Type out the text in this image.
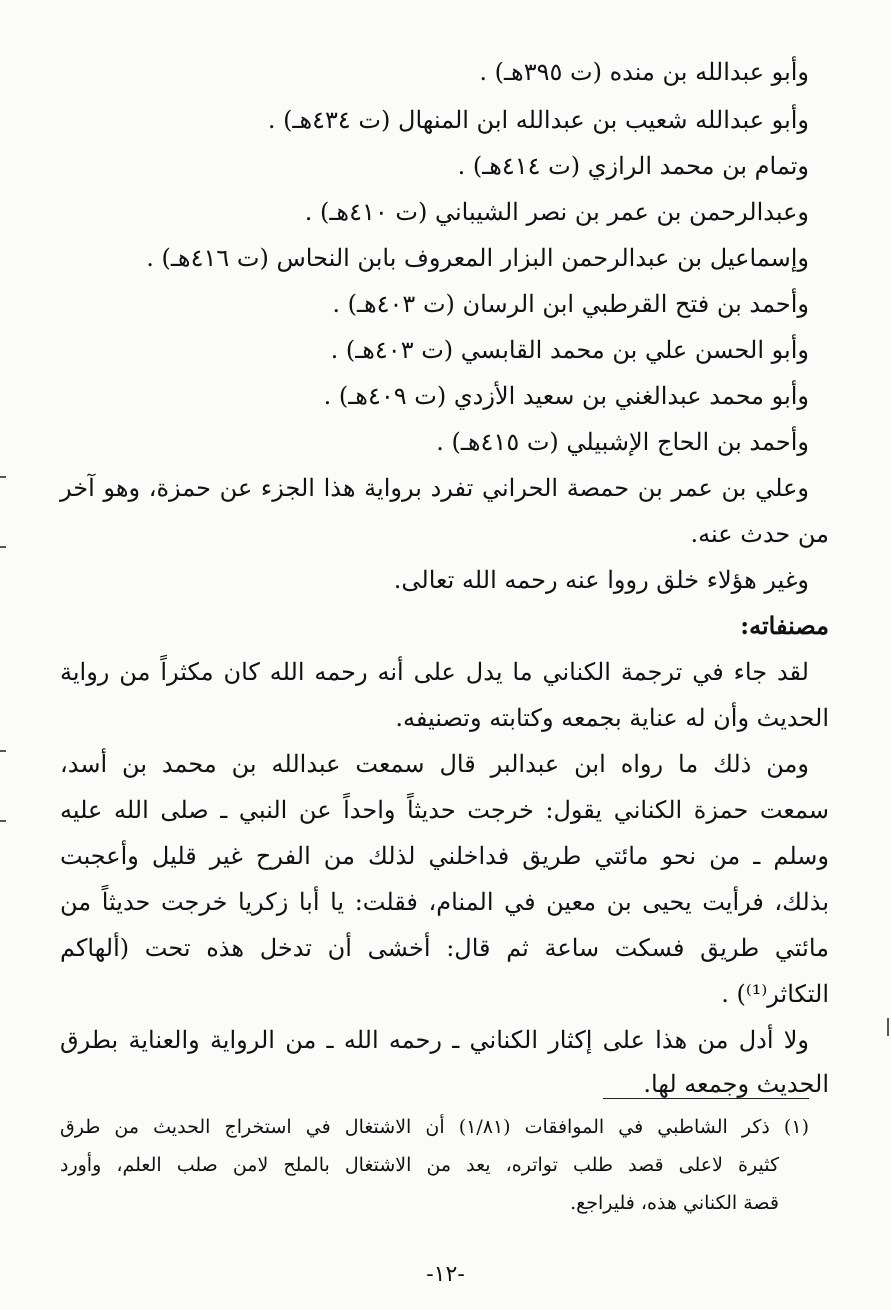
وأبو عبدالله بن منده (ت ٣٩٥هـ) .
وأبو عبدالله شعيب بن عبدالله ابن المنهال (ت ٤٣٤هـ) .
وتمام بن محمد الرازي (ت ٤١٤هـ) .
وعبدالرحمن بن عمر بن نصر الشيباني (ت ٤١٠هـ) .
وإسماعيل بن عبدالرحمن البزار المعروف بابن النحاس (ت ٤١٦هـ) .
وأحمد بن فتح القرطبي ابن الرسان (ت ٤٠٣هـ) .
وأبو الحسن علي بن محمد القابسي (ت ٤٠٣هـ) .
وأبو محمد عبدالغني بن سعيد الأزدي (ت ٤٠٩هـ) .
وأحمد بن الحاج الإشبيلي (ت ٤١٥هـ) .
وعلي بن عمر بن حمصة الحراني تفرد برواية هذا الجزء عن حمزة، وهو آخر
من حدث عنه.
وغير هؤلاء خلق رووا عنه رحمه الله تعالى.
مصنفاته:
لقد جاء في ترجمة الكناني ما يدل على أنه رحمه الله كان مكثراً من رواية
الحديث وأن له عناية بجمعه وكتابته وتصنيفه.
ومن ذلك ما رواه ابن عبدالبر قال سمعت عبدالله بن محمد بن أسد،
سمعت حمزة الكناني يقول: خرجت حديثاً واحداً عن النبي ـ صلى الله عليه
وسلم ـ من نحو مائتي طريق فداخلني لذلك من الفرح غير قليل وأعجبت
بذلك، فرأيت يحيى بن معين في المنام، فقلت: يا أبا زكريا خرجت حديثاً من
مائتي طريق فسكت ساعة ثم قال: أخشى أن تدخل هذه تحت (ألهاكم
التكاثر⁽¹⁾) .
ولا أدل من هذا على إكثار الكناني ـ رحمه الله ـ من الرواية والعناية بطرق
الحديث وجمعه لها.
(١) ذكر الشاطبي في الموافقات (١/٨١) أن الاشتغال في استخراج الحديث من طرق
كثيرة لاعلى قصد طلب تواتره، يعد من الاشتغال بالملح لامن صلب العلم، وأورد
قصة الكناني هذه، فليراجع.
-١٢-
